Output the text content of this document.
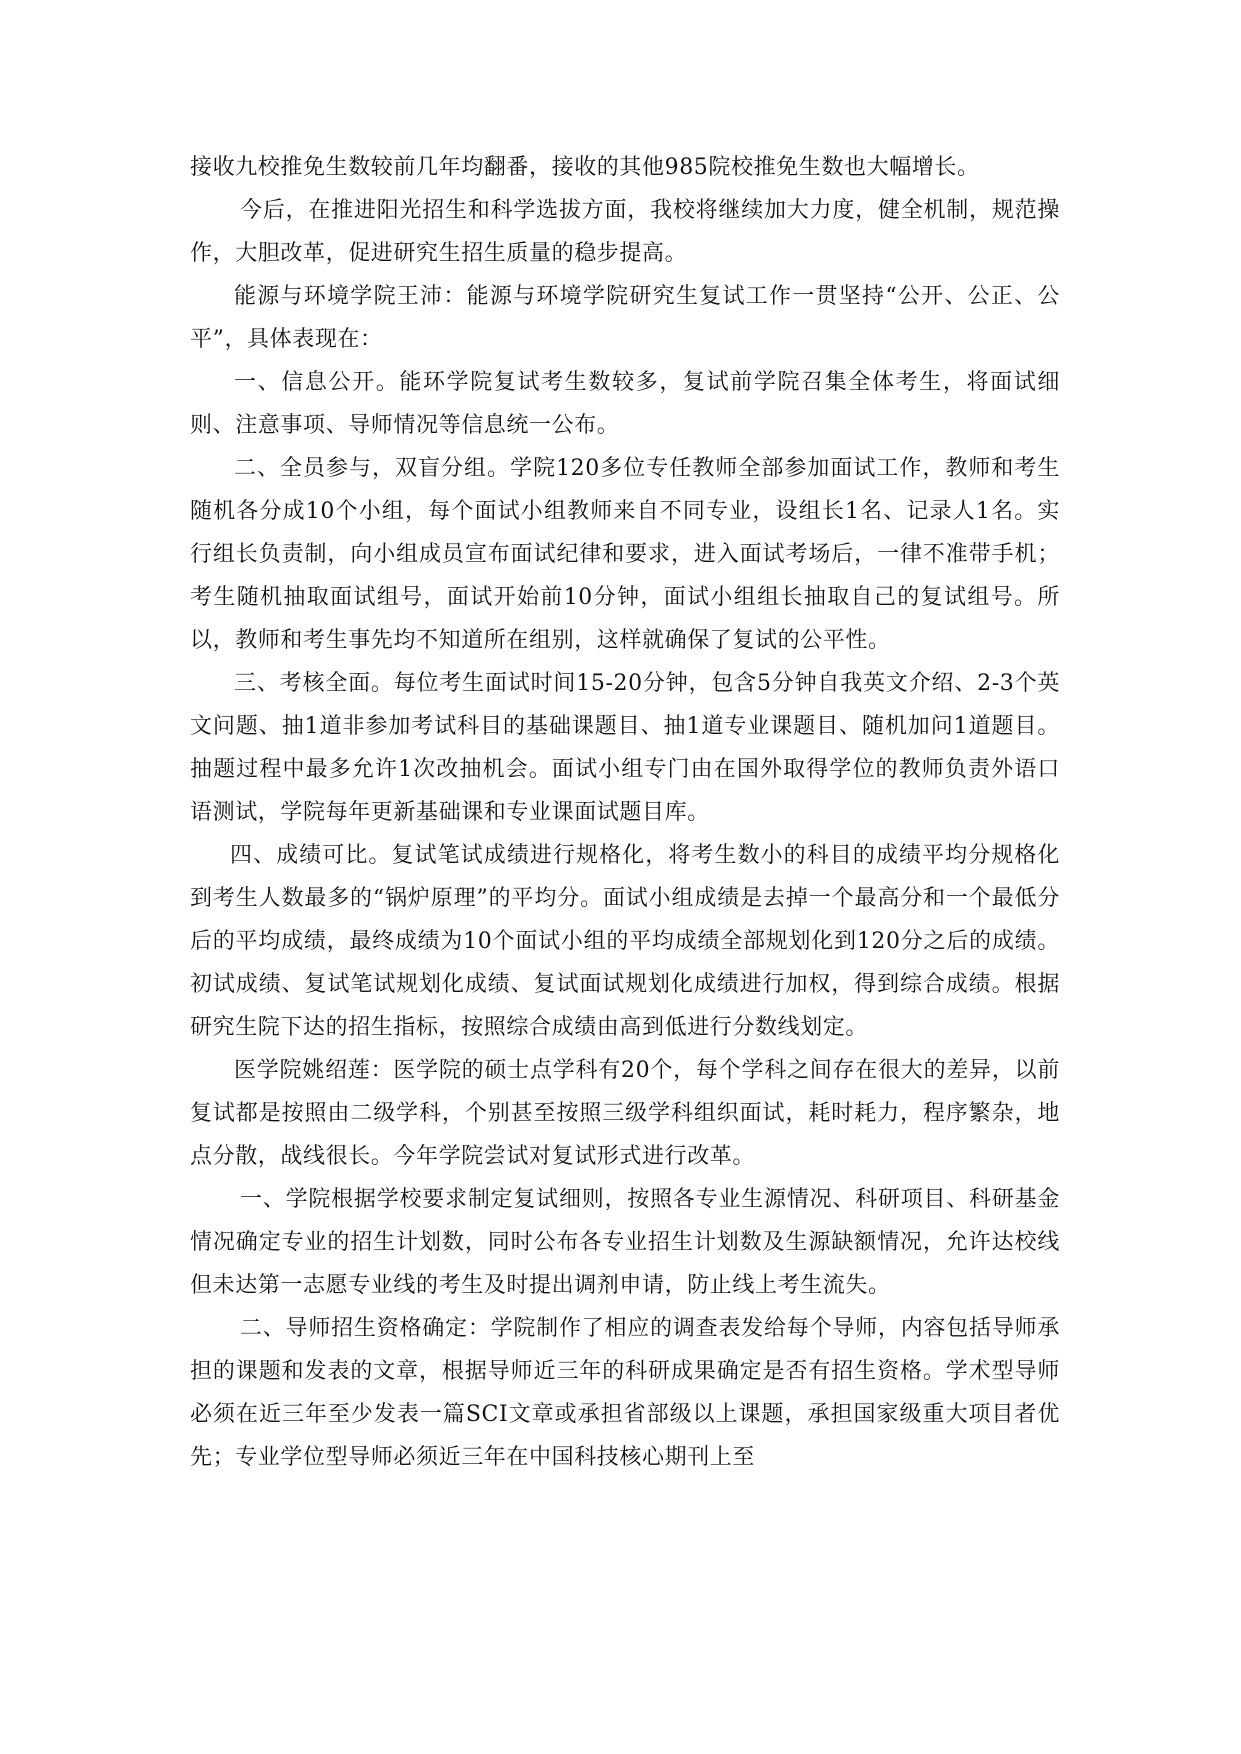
接收九校推免生数较前几年均翻番，接收的其他985院校推免生数也大幅增长。

今后，在推进阳光招生和科学选拔方面，我校将继续加大力度，健全机制，规范操作，大胆改革，促进研究生招生质量的稳步提高。

能源与环境学院王沛：能源与环境学院研究生复试工作一贯坚持“公开、公正、公平”，具体表现在：

一、信息公开。能环学院复试考生数较多，复试前学院召集全体考生，将面试细则、注意事项、导师情况等信息统一公布。

二、全员参与，双盲分组。学院120多位专任教师全部参加面试工作，教师和考生随机各分成10个小组，每个面试小组教师来自不同专业，设组长1名、记录人1名。实行组长负责制，向小组成员宣布面试纪律和要求，进入面试考场后，一律不准带手机；考生随机抽取面试组号，面试开始前10分钟，面试小组组长抽取自己的复试组号。所以，教师和考生事先均不知道所在组别，这样就确保了复试的公平性。

三、考核全面。每位考生面试时间15-20分钟，包含5分钟自我英文介绍、2-3个英文问题、抽1道非参加考试科目的基础课题目、抽1道专业课题目、随机加问1道题目。抽题过程中最多允许1次改抽机会。面试小组专门由在国外取得学位的教师负责外语口语测试，学院每年更新基础课和专业课面试题目库。

四、成绩可比。复试笔试成绩进行规格化，将考生数小的科目的成绩平均分规格化到考生人数最多的“锅炉原理”的平均分。面试小组成绩是去掉一个最高分和一个最低分后的平均成绩，最终成绩为10个面试小组的平均成绩全部规划化到120分之后的成绩。初试成绩、复试笔试规划化成绩、复试面试规划化成绩进行加权，得到综合成绩。根据研究生院下达的招生指标，按照综合成绩由高到低进行分数线划定。

医学院姚绍莲：医学院的硕士点学科有20个，每个学科之间存在很大的差异，以前复试都是按照由二级学科，个别甚至按照三级学科组织面试，耗时耗力，程序繁杂，地点分散，战线很长。今年学院尝试对复试形式进行改革。

一、学院根据学校要求制定复试细则，按照各专业生源情况、科研项目、科研基金情况确定专业的招生计划数，同时公布各专业招生计划数及生源缺额情况，允许达校线但未达第一志愿专业线的考生及时提出调剂申请，防止线上考生流失。

二、导师招生资格确定：学院制作了相应的调查表发给每个导师，内容包括导师承担的课题和发表的文章，根据导师近三年的科研成果确定是否有招生资格。学术型导师必须在近三年至少发表一篇SCI文章或承担省部级以上课题，承担国家级重大项目者优先；专业学位型导师必须近三年在中国科技核心期刊上至
